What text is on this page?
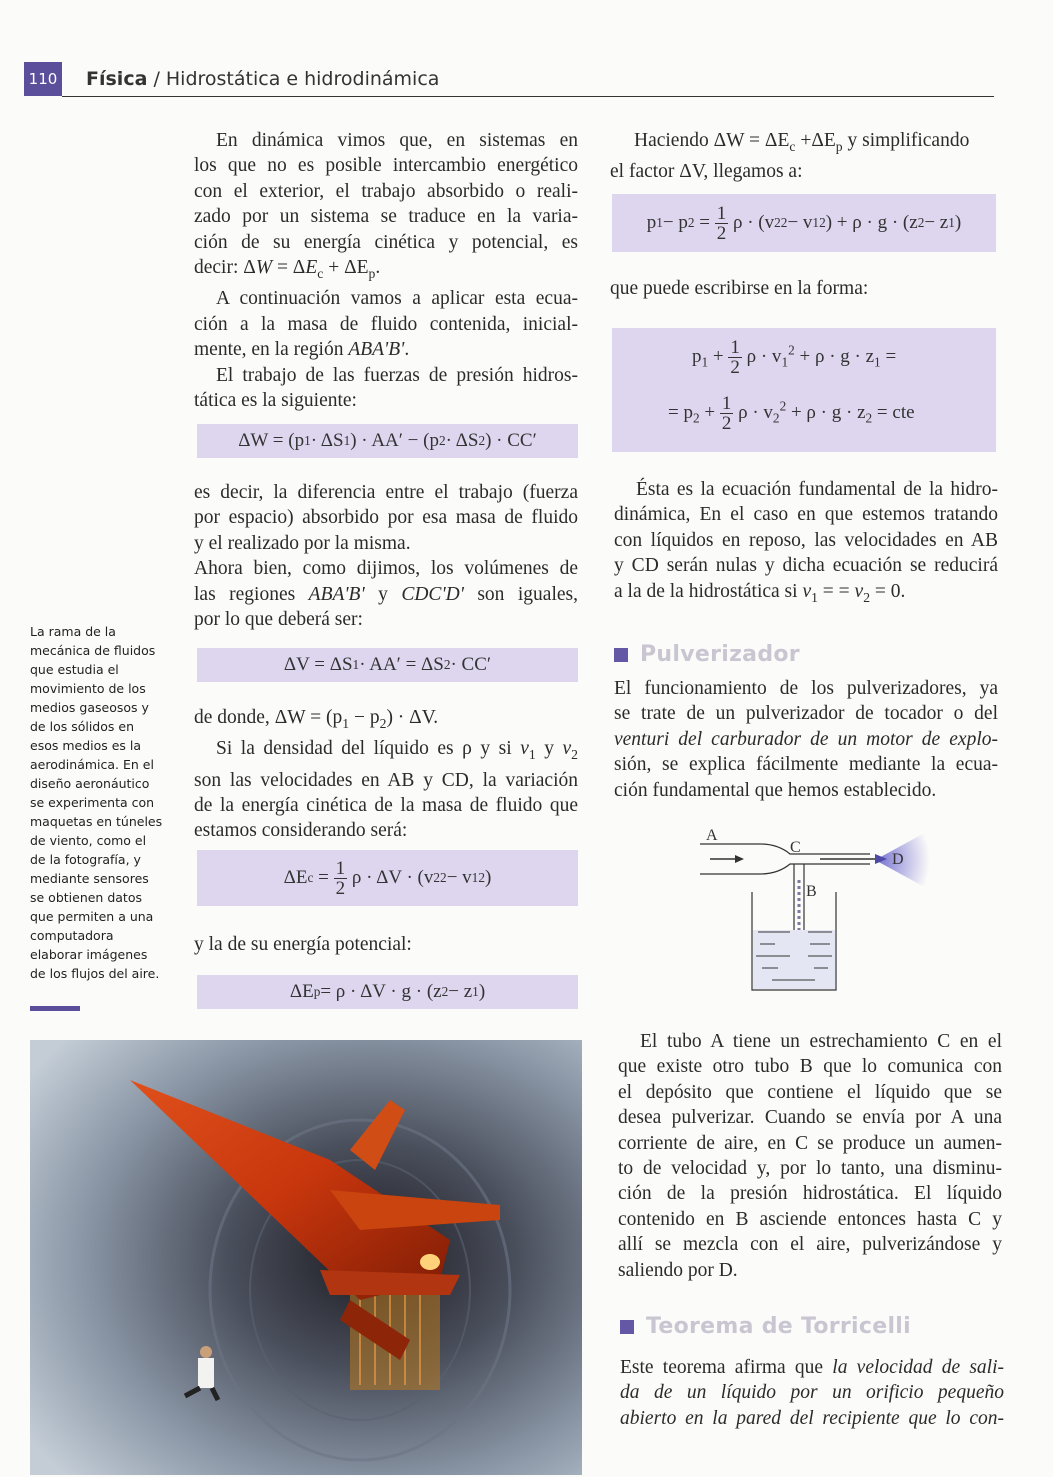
110 Física / Hidrostática e hidrodinámica
La rama de la mecánica de fluidos que estudia el movimiento de los medios gaseosos y de los sólidos en esos medios es la aerodinámica. En el diseño aeronáutico se experimenta con maquetas en túneles de viento, como el de la fotografía, y mediante sensores se obtienen datos que permiten a una computadora elaborar imágenes de los flujos del aire.
En dinámica vimos que, en sistemas en
los que no es posible intercambio energético
con el exterior, el trabajo absorbido o reali-
zado por un sistema se traduce en la varia-
ción de su energía cinética y potencial, es
decir: $\Delta W = \Delta E_c + \Delta E_p$.
A continuación vamos a aplicar esta ecua-
ción a la masa de fluido contenida, inicial-
mente, en la región ABA'B'.
El trabajo de las fuerzas de presión hidros-
tática es la siguiente:
ΔW = (p 1 · ΔS 1 ) · AA′ − (p 2 · ΔS 2 ) · CC′
es decir, la diferencia entre el trabajo (fuerza
por espacio) absorbido por esa masa de fluido
y el realizado por la misma.
Ahora bien, como dijimos, los volúmenes de
las regiones ABA'B' y CDC'D' son iguales,
por lo que deberá ser:
ΔV = ΔS 1 · AA′ = ΔS 2 · CC′
de donde, $\Delta W = (p_1 - p_2) \cdot \Delta V$.
Si la densidad del líquido es ρ y si $v_1$ y $v_2$
son las velocidades en AB y CD, la variación
de la energía cinética de la masa de fluido que
estamos considerando será:
ΔE $c = \frac{1}{2}$ ρ · ΔV · (v 2 2 − v 1 2 )
y la de su energía potencial:
ΔE p = ρ · ΔV · g · (z 2 − z 1 )
Haciendo $\Delta W = \Delta E_c +\Delta E_p$ y simplificando
el factor ΔV, llegamos a:
p 1 − p $2 = \frac{1}{2}$ ρ · (v 2 2 − v 1 2 ) + ρ · g · (z 2 − z 1 )
que puede escribirse en la forma:
$p_1 + \frac{1}{2}$ $\rho \cdot v_1^2 + \rho \cdot g \cdot z_1$ =
= $p_2 + \frac{1}{2}$ $\rho \cdot v_2^2 + \rho \cdot g \cdot z_2$ = cte
Ésta es la ecuación fundamental de la hidro-
dinámica, En el caso en que estemos tratando
con líquidos en reposo, las velocidades en AB
y CD serán nulas y dicha ecuación se reducirá
a la de la hidrostática si $v_1$ = = $v_2 = 0$.
Pulverizador
El funcionamiento de los pulverizadores, ya
se trate de un pulverizador de tocador o del
venturi del carburador de un motor de explo-
sión, se explica fácilmente mediante la ecua-
ción fundamental que hemos establecido.
A
C
B
D
El tubo A tiene un estrechamiento C en el
que existe otro tubo B que lo comunica con
el depósito que contiene el líquido que se
desea pulverizar. Cuando se envía por A una
corriente de aire, en C se produce un aumen-
to de velocidad y, por lo tanto, una disminu-
ción de la presión hidrostática. El líquido
contenido en B asciende entonces hasta C y
allí se mezcla con el aire, pulverizándose y
saliendo por D.
Teorema de Torricelli
Este teorema afirma que la velocidad de sali-
da de un líquido por un orificio pequeño
abierto en la pared del recipiente que lo con-
